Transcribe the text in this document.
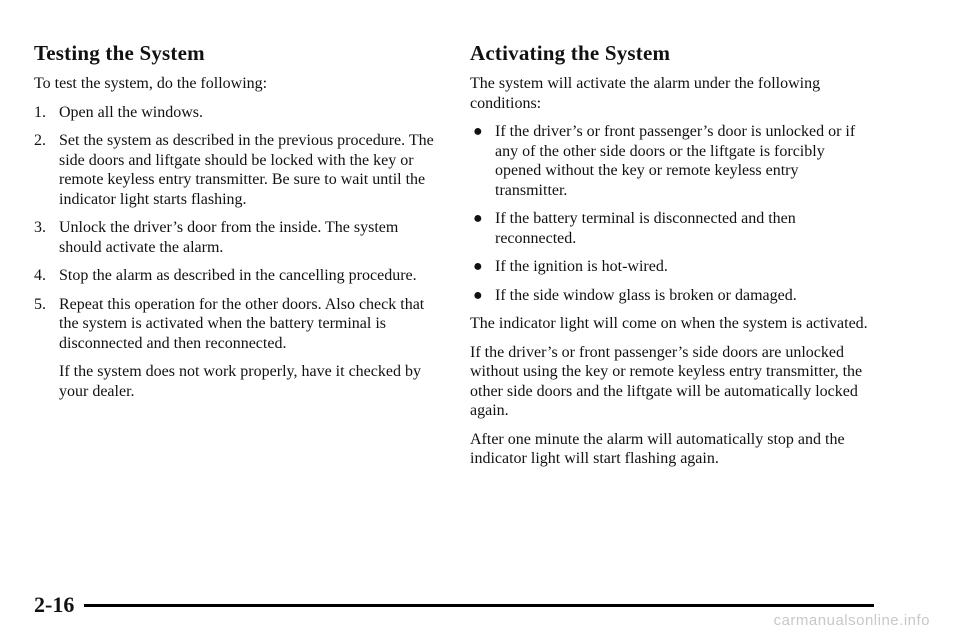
Testing the System

To test the system, do the following:

1. Open all the windows.
2. Set the system as described in the previous procedure. The side doors and liftgate should be locked with the key or remote keyless entry transmitter. Be sure to wait until the indicator light starts flashing.
3. Unlock the driver’s door from the inside. The system should activate the alarm.
4. Stop the alarm as described in the cancelling procedure.
5. Repeat this operation for the other doors. Also check that the system is activated when the battery terminal is disconnected and then reconnected.

If the system does not work properly, have it checked by your dealer.

Activating the System

The system will activate the alarm under the following conditions:

● If the driver’s or front passenger’s door is unlocked or if any of the other side doors or the liftgate is forcibly opened without the key or remote keyless entry transmitter.
● If the battery terminal is disconnected and then reconnected.
● If the ignition is hot-wired.
● If the side window glass is broken or damaged.

The indicator light will come on when the system is activated.

If the driver’s or front passenger’s side doors are unlocked without using the key or remote keyless entry transmitter, the other side doors and the liftgate will be automatically locked again.

After one minute the alarm will automatically stop and the indicator light will start flashing again.

2-16
carmanualsonline.info
